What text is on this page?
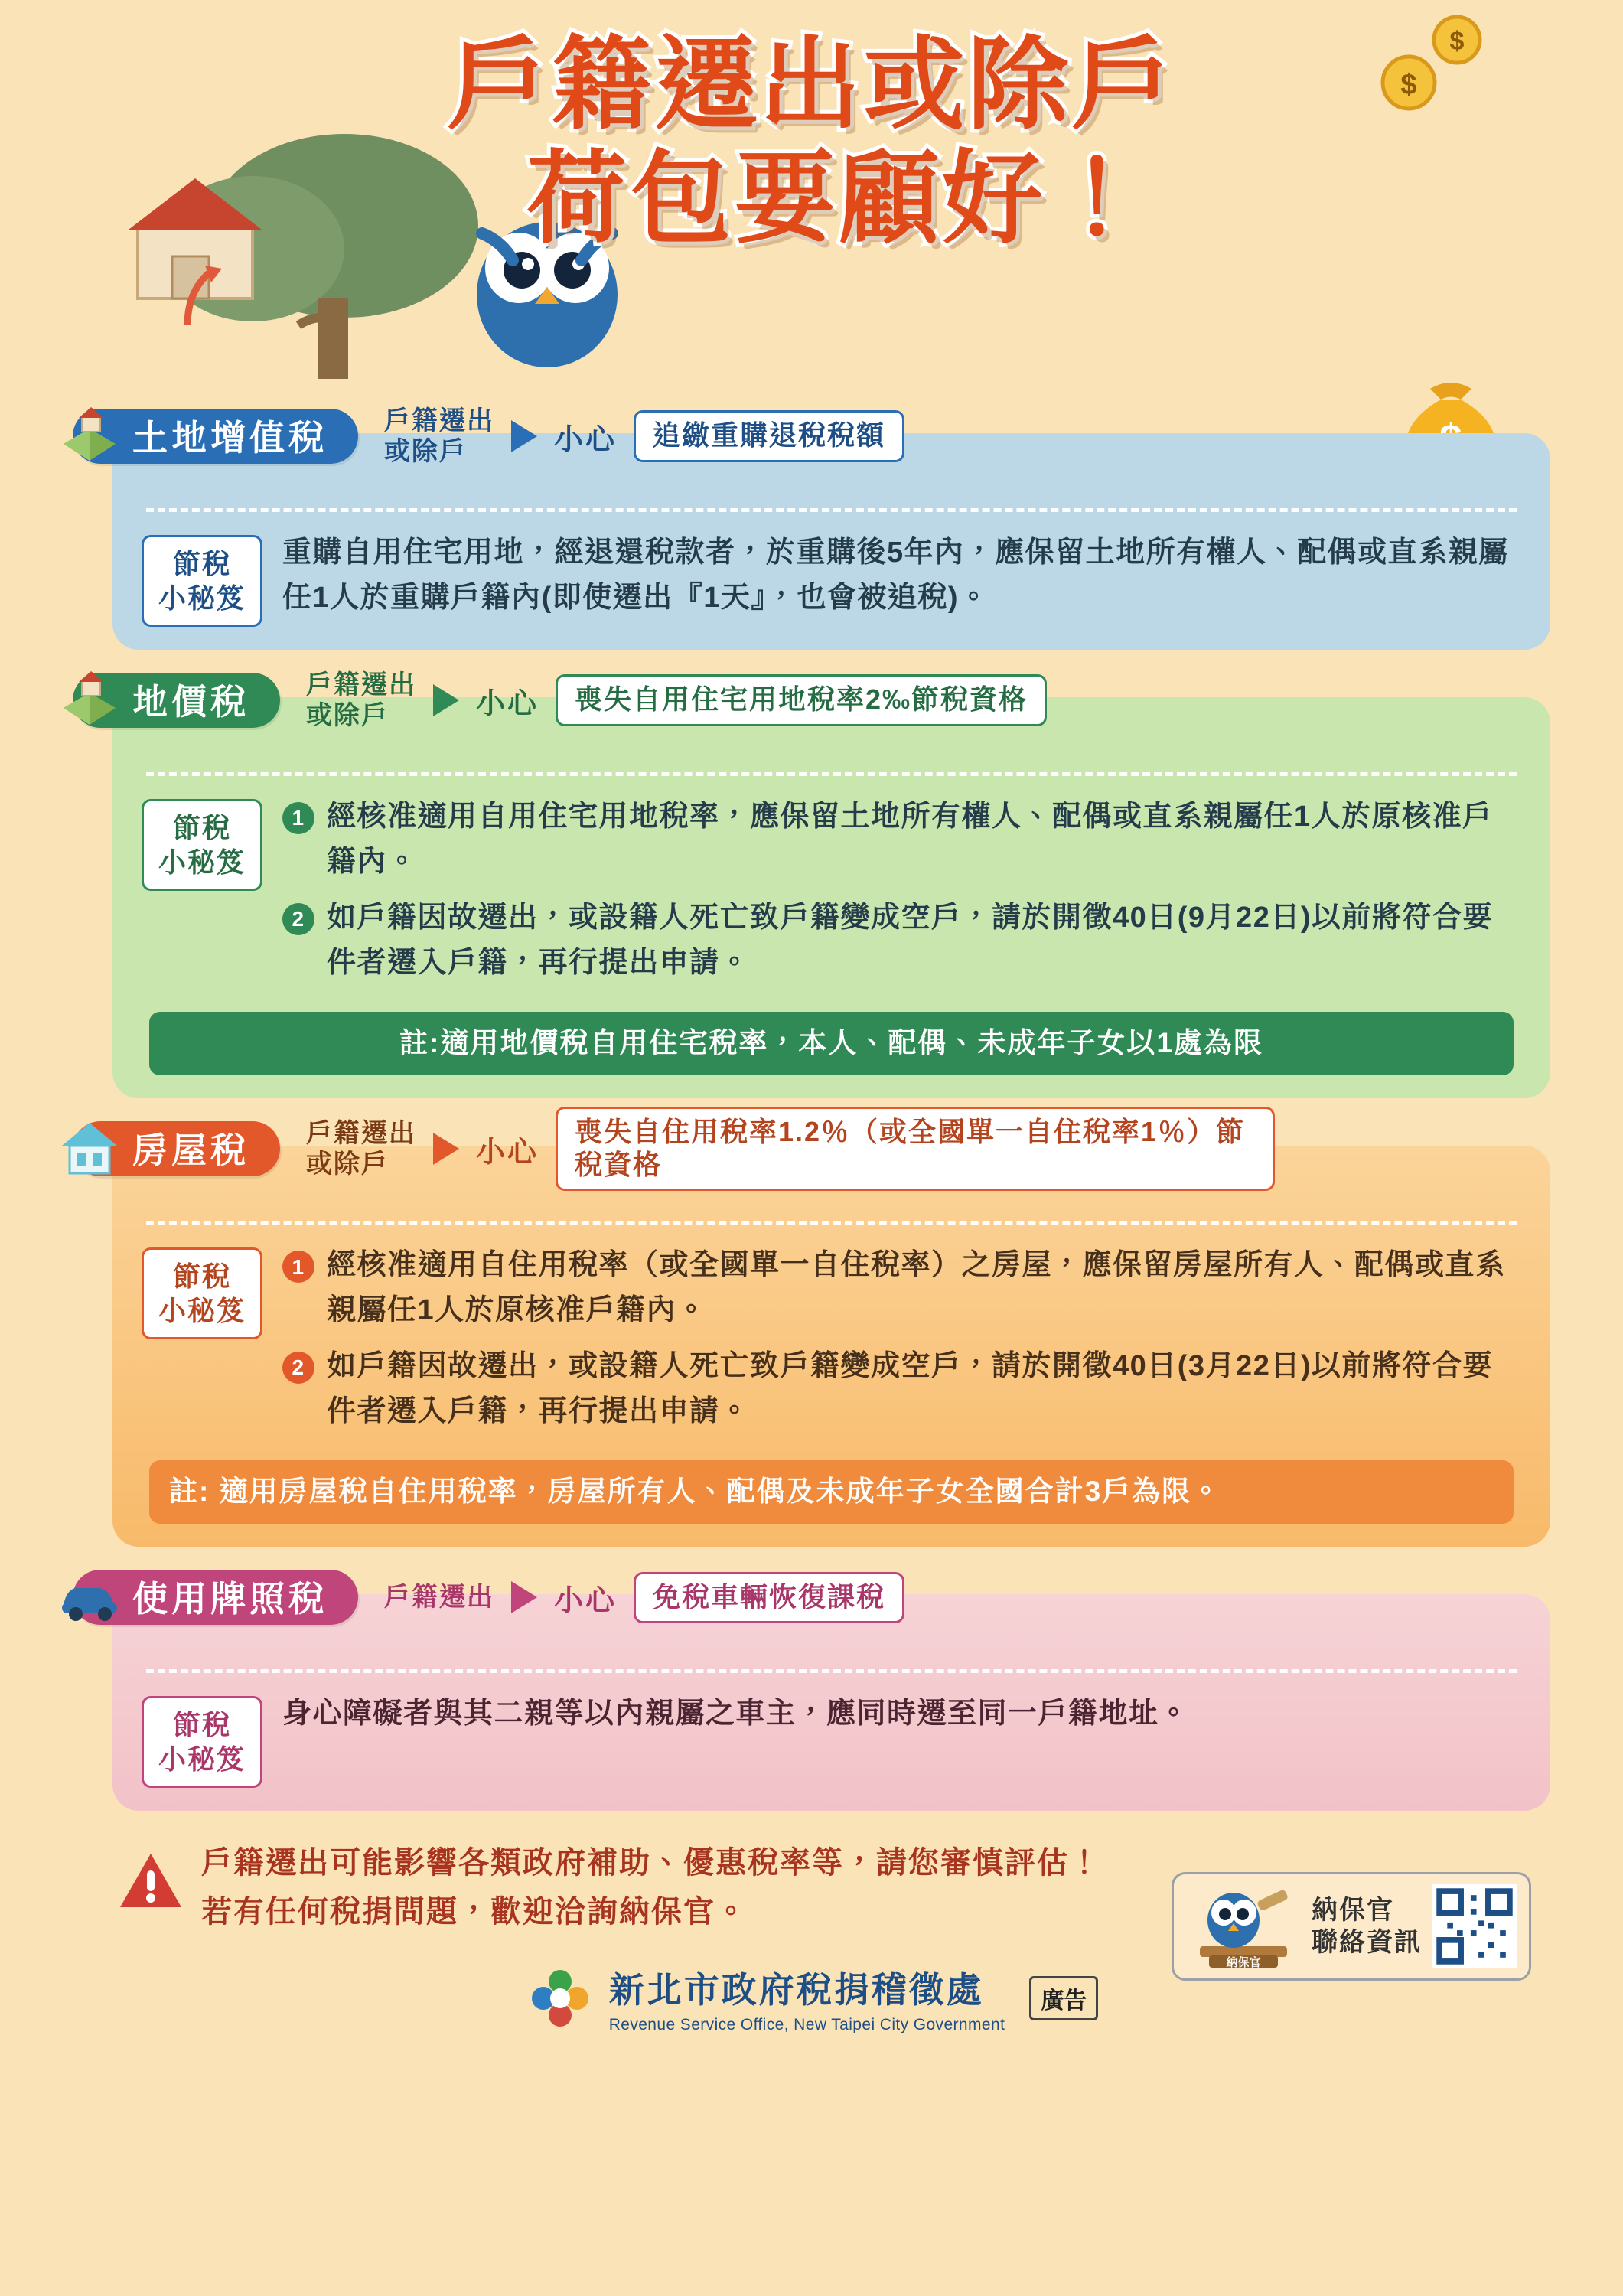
戶籍遷出或除戶
荷包要顧好！
$
$
土地增值稅 戶籍遷出
或除戶	小心	追繳重購退稅稅額
節稅
小秘笈
重購自用住宅用地，經退還稅款者，於重購後5年內，應保留土地所有權人、配偶或直系親屬任1人於重購戶籍內(即使遷出『1天』，也會被追稅)。
地價稅 戶籍遷出
或除戶	小心	喪失自用住宅用地稅率2‰節稅資格
節稅
小秘笈
1 經核准適用自用住宅用地稅率，應保留土地所有權人、配偶或直系親屬任1人於原核准戶籍內。
2 如戶籍因故遷出，或設籍人死亡致戶籍變成空戶，請於開徵40日(9月22日)以前將符合要件者遷入戶籍，再行提出申請。
註:適用地價稅自用住宅稅率，本人、配偶、未成年子女以1處為限
房屋稅 戶籍遷出
或除戶	小心
喪失自住用稅率1.2％（或全國單一自住稅率1％）節稅資格
節稅
小秘笈
1 經核准適用自住用稅率（或全國單一自住稅率）之房屋，應保留房屋所有人、配偶或直系親屬任1人於原核准戶籍內。
2 如戶籍因故遷出，或設籍人死亡致戶籍變成空戶，請於開徵40日(3月22日)以前將符合要件者遷入戶籍，再行提出申請。
註: 適用房屋稅自住用稅率，房屋所有人、配偶及未成年子女全國合計3戶為限。
使用牌照稅 戶籍遷出 小心	免稅車輛恢復課稅
節稅
小秘笈
身心障礙者與其二親等以內親屬之車主，應同時遷至同一戶籍地址。
戶籍遷出可能影響各類政府補助、優惠稅率等，請您審慎評估！
若有任何稅捐問題，歡迎洽詢納保官。
納保官
納保官
聯絡資訊
新北市政府稅捐稽徵處
Revenue Service Office, New Taipei City Government
廣告
